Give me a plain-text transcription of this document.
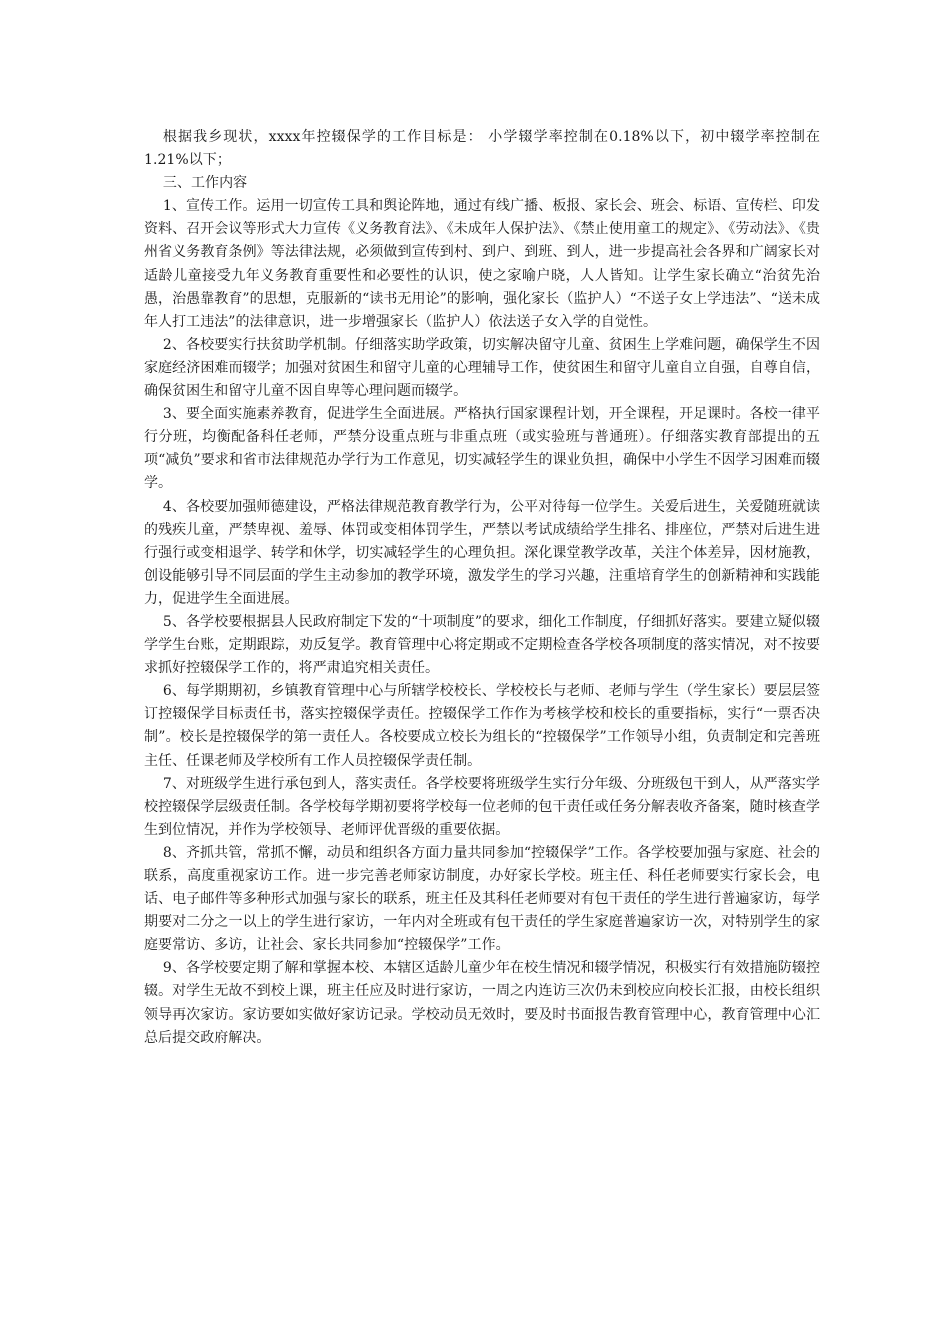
根据我乡现状，xxxx年控辍保学的工作目标是： 小学辍学率控制在0.18%以下，初中辍学率控制在1.21%以下；

三、工作内容

1、宣传工作。运用一切宣传工具和舆论阵地，通过有线广播、板报、家长会、班会、标语、宣传栏、印发资料、召开会议等形式大力宣传《义务教育法》、《未成年人保护法》、《禁止使用童工的规定》、《劳动法》、《贵州省义务教育条例》等法律法规，必须做到宣传到村、到户、到班、到人，进一步提高社会各界和广阔家长对适龄儿童接受九年义务教育重要性和必要性的认识，使之家喻户晓，人人皆知。让学生家长确立“治贫先治愚，治愚靠教育”的思想，克服新的“读书无用论”的影响，强化家长（监护人）“不送子女上学违法”、“送未成年人打工违法”的法律意识，进一步增强家长（监护人）依法送子女入学的自觉性。

2、各校要实行扶贫助学机制。仔细落实助学政策，切实解决留守儿童、贫困生上学难问题，确保学生不因家庭经济困难而辍学；加强对贫困生和留守儿童的心理辅导工作，使贫困生和留守儿童自立自强，自尊自信，确保贫困生和留守儿童不因自卑等心理问题而辍学。

3、要全面实施素养教育，促进学生全面进展。严格执行国家课程计划，开全课程，开足课时。各校一律平行分班，均衡配备科任老师，严禁分设重点班与非重点班（或实验班与普通班）。仔细落实教育部提出的五项“减负”要求和省市法律规范办学行为工作意见，切实减轻学生的课业负担，确保中小学生不因学习困难而辍学。

4、各校要加强师德建设，严格法律规范教育教学行为，公平对待每一位学生。关爱后进生，关爱随班就读的残疾儿童，严禁卑视、羞辱、体罚或变相体罚学生，严禁以考试成绩给学生排名、排座位，严禁对后进生进行强行或变相退学、转学和休学，切实减轻学生的心理负担。深化课堂教学改革，关注个体差异，因材施教，创设能够引导不同层面的学生主动参加的教学环境，激发学生的学习兴趣，注重培育学生的创新精神和实践能力，促进学生全面进展。

5、各学校要根据县人民政府制定下发的“十项制度”的要求，细化工作制度，仔细抓好落实。要建立疑似辍学学生台账，定期跟踪，劝反复学。教育管理中心将定期或不定期检查各学校各项制度的落实情况，对不按要求抓好控辍保学工作的，将严肃追究相关责任。

6、每学期期初，乡镇教育管理中心与所辖学校校长、学校校长与老师、老师与学生（学生家长）要层层签订控辍保学目标责任书，落实控辍保学责任。控辍保学工作作为考核学校和校长的重要指标，实行“一票否决制”。校长是控辍保学的第一责任人。各校要成立校长为组长的“控辍保学”工作领导小组，负责制定和完善班主任、任课老师及学校所有工作人员控辍保学责任制。

7、对班级学生进行承包到人，落实责任。各学校要将班级学生实行分年级、分班级包干到人，从严落实学校控辍保学层级责任制。各学校每学期初要将学校每一位老师的包干责任或任务分解表收齐备案，随时核查学生到位情况，并作为学校领导、老师评优晋级的重要依据。

8、齐抓共管，常抓不懈，动员和组织各方面力量共同参加“控辍保学”工作。各学校要加强与家庭、社会的联系，高度重视家访工作。进一步完善老师家访制度，办好家长学校。班主任、科任老师要实行家长会，电话、电子邮件等多种形式加强与家长的联系，班主任及其科任老师要对有包干责任的学生进行普遍家访，每学期要对二分之一以上的学生进行家访，一年内对全班或有包干责任的学生家庭普遍家访一次，对特别学生的家庭要常访、多访，让社会、家长共同参加“控辍保学”工作。

9、各学校要定期了解和掌握本校、本辖区适龄儿童少年在校生情况和辍学情况，积极实行有效措施防辍控辍。对学生无故不到校上课，班主任应及时进行家访，一周之内连访三次仍未到校应向校长汇报，由校长组织领导再次家访。家访要如实做好家访记录。学校动员无效时，要及时书面报告教育管理中心，教育管理中心汇总后提交政府解决。
